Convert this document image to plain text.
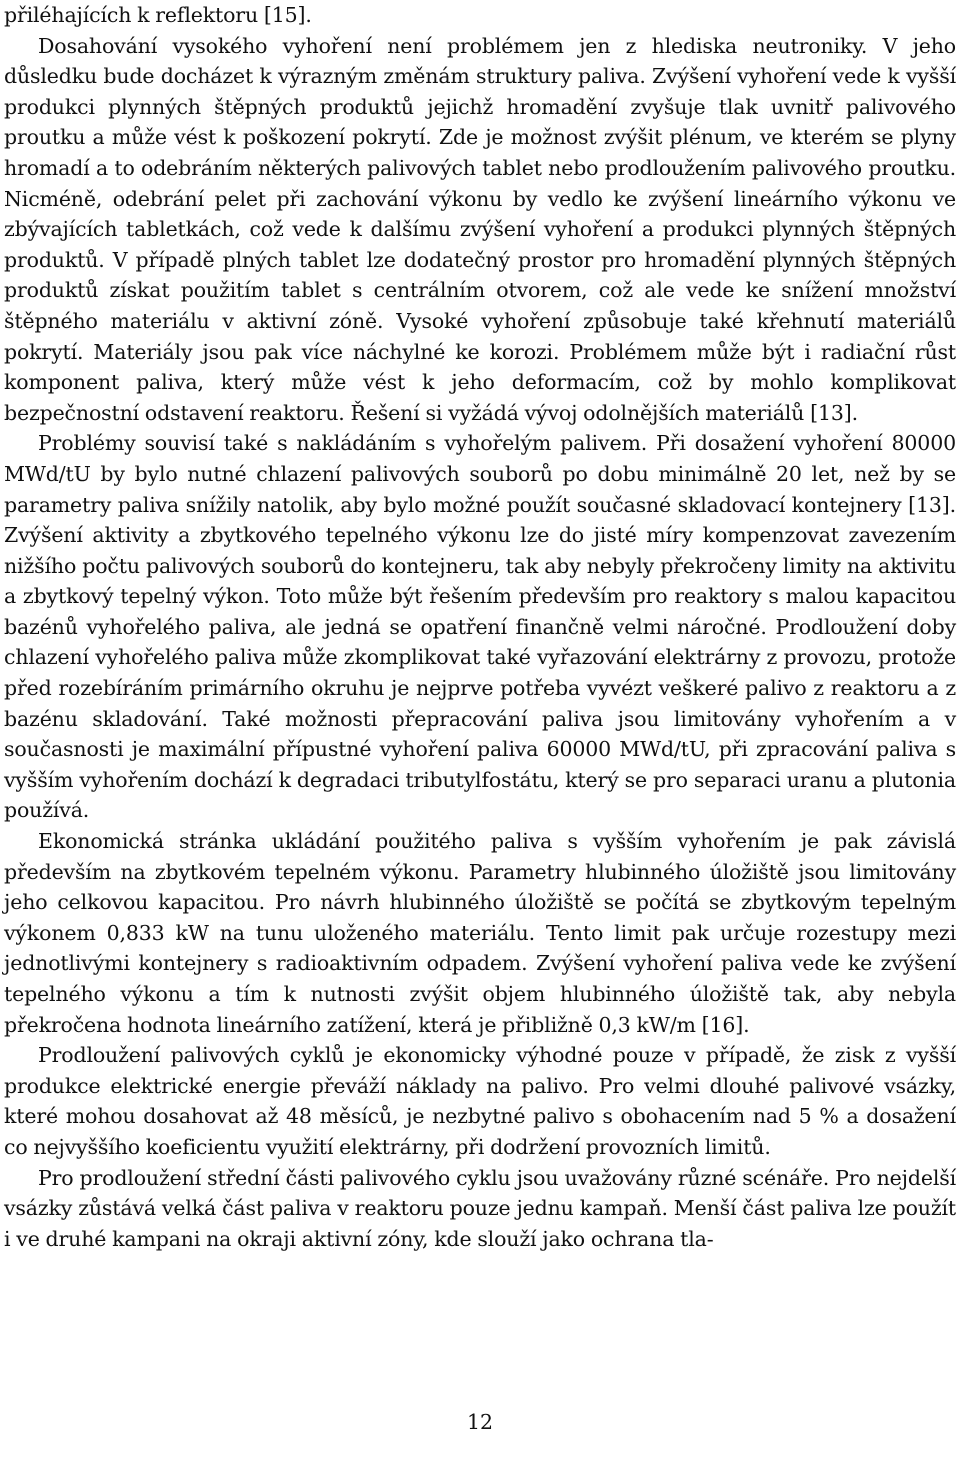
přiléhajících k reflektoru [15].

Dosahování vysokého vyhoření není problémem jen z hlediska neutroniky. V jeho důsledku bude docházet k výrazným změnám struktury paliva. Zvýšení vyhoření vede k vyšší produkci plynných štěpných produktů jejichž hromadění zvyšuje tlak uvnitř palivového proutku a může vést k poškození pokrytí. Zde je možnost zvýšit plénum, ve kterém se plyny hromadí a to odebráním některých palivových tablet nebo prodloužením palivového proutku. Nicméně, odebrání pelet při zachování výkonu by vedlo ke zvýšení lineárního výkonu ve zbývajících tabletkách, což vede k dalšímu zvýšení vyhoření a produkci plynných štěpných produktů. V případě plných tablet lze dodatečný prostor pro hromadění plynných štěpných produktů získat použitím tablet s centrálním otvorem, což ale vede ke snížení množství štěpného materiálu v aktivní zóně. Vysoké vyhoření způsobuje také křehnutí materiálů pokrytí. Materiály jsou pak více náchylné ke korozi. Problémem může být i radiační růst komponent paliva, který může vést k jeho deformacím, což by mohlo komplikovat bezpečnostní odstavení reaktoru. Řešení si vyžádá vývoj odolnějších materiálů [13].

Problémy souvisí také s nakládáním s vyhořelým palivem. Při dosažení vyhoření 80000 MWd/tU by bylo nutné chlazení palivových souborů po dobu minimálně 20 let, než by se parametry paliva snížily natolik, aby bylo možné použít současné skladovací kontejnery [13]. Zvýšení aktivity a zbytkového tepelného výkonu lze do jisté míry kompenzovat zavezením nižšího počtu palivových souborů do kontejneru, tak aby nebyly překročeny limity na aktivitu a zbytkový tepelný výkon. Toto může být řešením především pro reaktory s malou kapacitou bazénů vyhořelého paliva, ale jedná se opatření finančně velmi náročné. Prodloužení doby chlazení vyhořelého paliva může zkomplikovat také vyřazování elektrárny z provozu, protože před rozebíráním primárního okruhu je nejprve potřeba vyvézt veškeré palivo z reaktoru a z bazénu skladování. Také možnosti přepracování paliva jsou limitovány vyhořením a v současnosti je maximální přípustné vyhoření paliva 60000 MWd/tU, při zpracování paliva s vyšším vyhořením dochází k degradaci tributylfostátu, který se pro separaci uranu a plutonia používá.

Ekonomická stránka ukládání použitého paliva s vyšším vyhořením je pak závislá především na zbytkovém tepelném výkonu. Parametry hlubinného úložiště jsou limitovány jeho celkovou kapacitou. Pro návrh hlubinného úložiště se počítá se zbytkovým tepelným výkonem 0,833 kW na tunu uloženého materiálu. Tento limit pak určuje rozestupy mezi jednotlivými kontejnery s radioaktivním odpadem. Zvýšení vyhoření paliva vede ke zvýšení tepelného výkonu a tím k nutnosti zvýšit objem hlubinného úložiště tak, aby nebyla překročena hodnota lineárního zatížení, která je přibližně 0,3 kW/m [16].

Prodloužení palivových cyklů je ekonomicky výhodné pouze v případě, že zisk z vyšší produkce elektrické energie převáží náklady na palivo. Pro velmi dlouhé palivové vsázky, které mohou dosahovat až 48 měsíců, je nezbytné palivo s obohacením nad 5 % a dosažení co nejvyššího koeficientu využití elektrárny, při dodržení provozních limitů.

Pro prodloužení střední části palivového cyklu jsou uvažovány různé scénáře. Pro nejdelší vsázky zůstává velká část paliva v reaktoru pouze jednu kampaň. Menší část paliva lze použít i ve druhé kampani na okraji aktivní zóny, kde slouží jako ochrana tla-

12
